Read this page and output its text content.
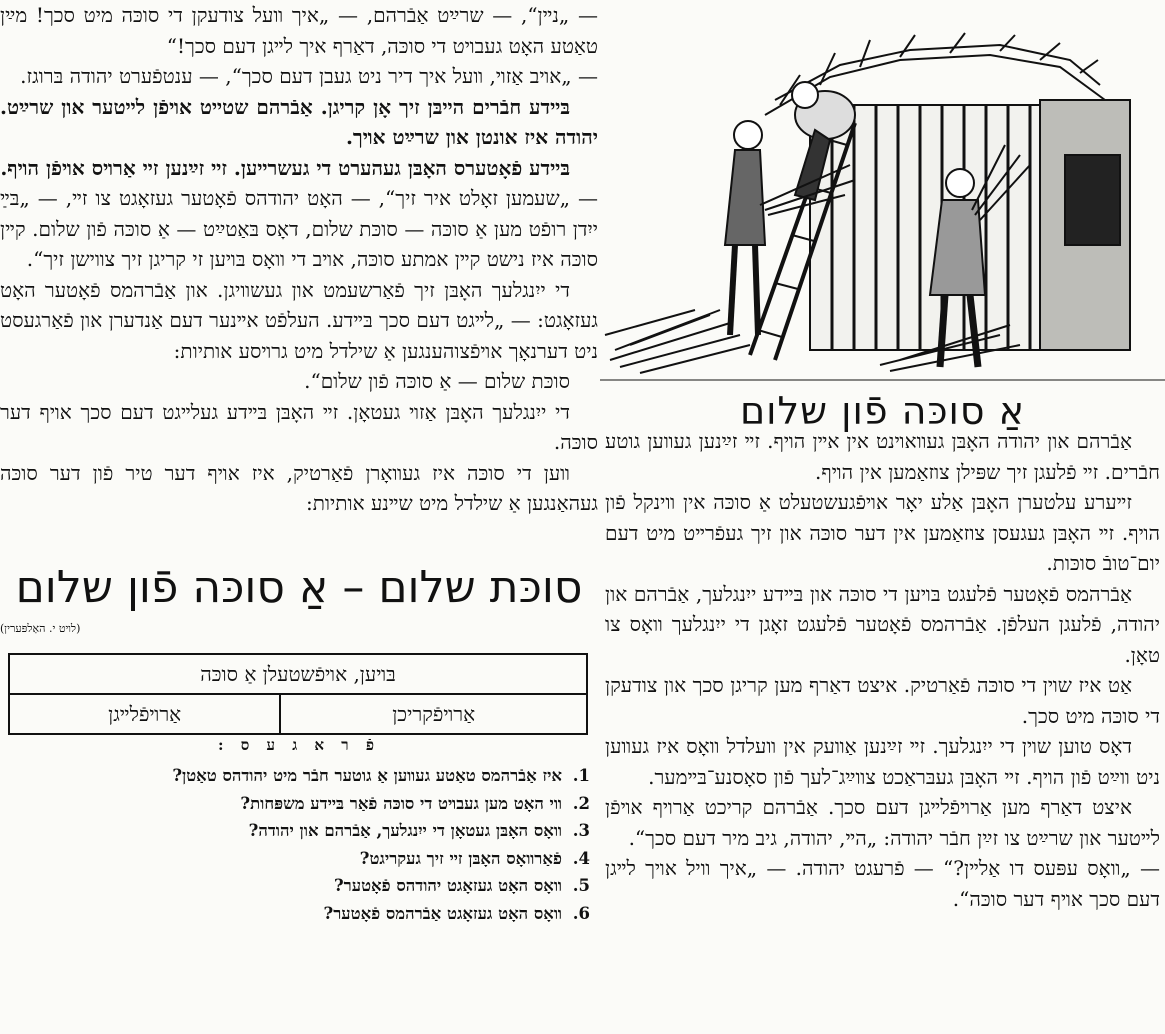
— „נײן“, — שרײַט אַבֿרהם, — „איך װעל צודעקן די סוכּה מיט סכך! מײַן טאַטע האָט געבױט די סוכּה, דאַרף איך לײגן דעם סכך!“

— „אױב אַזױ, װעל איך דיר ניט געבן דעם סכך“, — ענטפֿערט יהודה בּרוגז.

בּײדע חבֿרים הײבּן זיך אָן קריגן. אַבֿרהם שטײט אױפֿן לײטער און שרײַט. יהודה איז אונטן און שרײַט אױך.

בּײדע פֿאָטערס האָבּן געהערט די געשרײען. זײ זײַנען זײ אַרױס אױפֿן הױף.

— „שעמען זאָלט איר זיך“, — האָט יהודהס פֿאָטער געזאָגט צו זײ, — „בּײַ ייִדן רופֿט מען אַ סוכּה — סוכּת שלום, דאָס בּאַטײַט — אַ סוכּה פֿון שלום. קײן סוכּה איז נישט קײן אמתע סוכּה, אױב די װאָס בּױען זי קריגן זיך צװישן זיך“.

די ייִנגלעך האָבּן זיך פֿאַרשעמט און געשװיגן. און אַבֿרהמס פֿאָטער האָט געזאָגט: — „לײגט דעם סכך בּײדע. העלפֿט אײנער דעם אַנדערן און פֿאַרגעסט ניט דערנאָך אױפֿצוהענגען אַ שילדל מיט גרױסע אותיות:

סוכּת שלום — אַ סוכּה פֿון שלום“.

די ייִנגלעך האָבּן אַזױ געטאָן. זײ האָבּן בּײדע געלײגט דעם סכך אױף דער סוכּה.

װען די סוכּה איז געװאָרן פֿאַרטיק, איז אױף דער טיר פֿון דער סוכּה געהאַנגען אַ שילדל מיט שײנע אותיות:

סוכּת שלום – אַ סוכּה פֿון שלום
(לױט י. האַלפּערין)
בּױען, אױפֿשטעלן אַ סוכּה
אַרױפֿקריכן	אַרױפֿלײגן
פֿ ר א ג ע ס :
1.איז אַבֿרהמס טאַטע געװען אַ גוטער חבֿר מיט יהודהס טאַטן?
2.װי האָט מען געבױט די סוכּה פֿאַר בּײדע משפּחות?
3.װאָס האָבּן געטאָן די ייִנגלעך, אַבֿרהם און יהודה?
4.פֿאַרװאָס האָבּן זײ זיך געקריגט?
5.װאָס האָט געזאָגט יהודהס פֿאָטער?
6.װאָס האָט געזאָגט אַבֿרהמס פֿאָטער?
אַ סוכּה פֿון שלום

אַבֿרהם און יהודה האָבּן געװאױנט אין אײן הױף. זײ זײַנען געװען גוטע חבֿרים. זײ פֿלעגן זיך שפּילן צוזאַמען אין הױף.

זײערע עלטערן האָבּן אַלע יאָר אױפֿגעשטעלט אַ סוכּה אין װינקל פֿון הױף. זײ האָבּן געגעסן צוזאַמען אין דער סוכּה און זיך געפֿרײט מיט דעם יום־טובֿ סוכּות.

אַבֿרהמס פֿאָטער פֿלעגט בּױען די סוכּה און בּײדע ייִנגלעך, אַבֿרהם און יהודה, פֿלעגן העלפֿן. אַבֿרהמס פֿאָטער פֿלעגט זאָגן די ייִנגלעך װאָס צו טאָן.

אַט איז שױן די סוכּה פֿאַרטיק. איצט דאַרף מען קריגן סכך און צודעקן די סוכּה מיט סכך.

דאָס טוען שױן די ייִנגלעך. זײ זײַנען אַװעק אין װעלדל װאָס איז געװען ניט װײַט פֿון הױף. זײ האָבּן געבּראַכט צװײַג־לעך פֿון סאָסנע־בּײמער.

איצט דאַרף מען אַרױפֿלײגן דעם סכך. אַבֿרהם קריכט אַרױף אױפֿן לײטער און שרײַט צו זײַן חבֿר יהודה: „הײ, יהודה, גיב מיר דעם סכך“.

— „װאָס עפּעס דו אַלײן?“ — פֿרעגט יהודה. — „איך װיל אױך לײגן דעם סכך אױף דער סוכּה“.
